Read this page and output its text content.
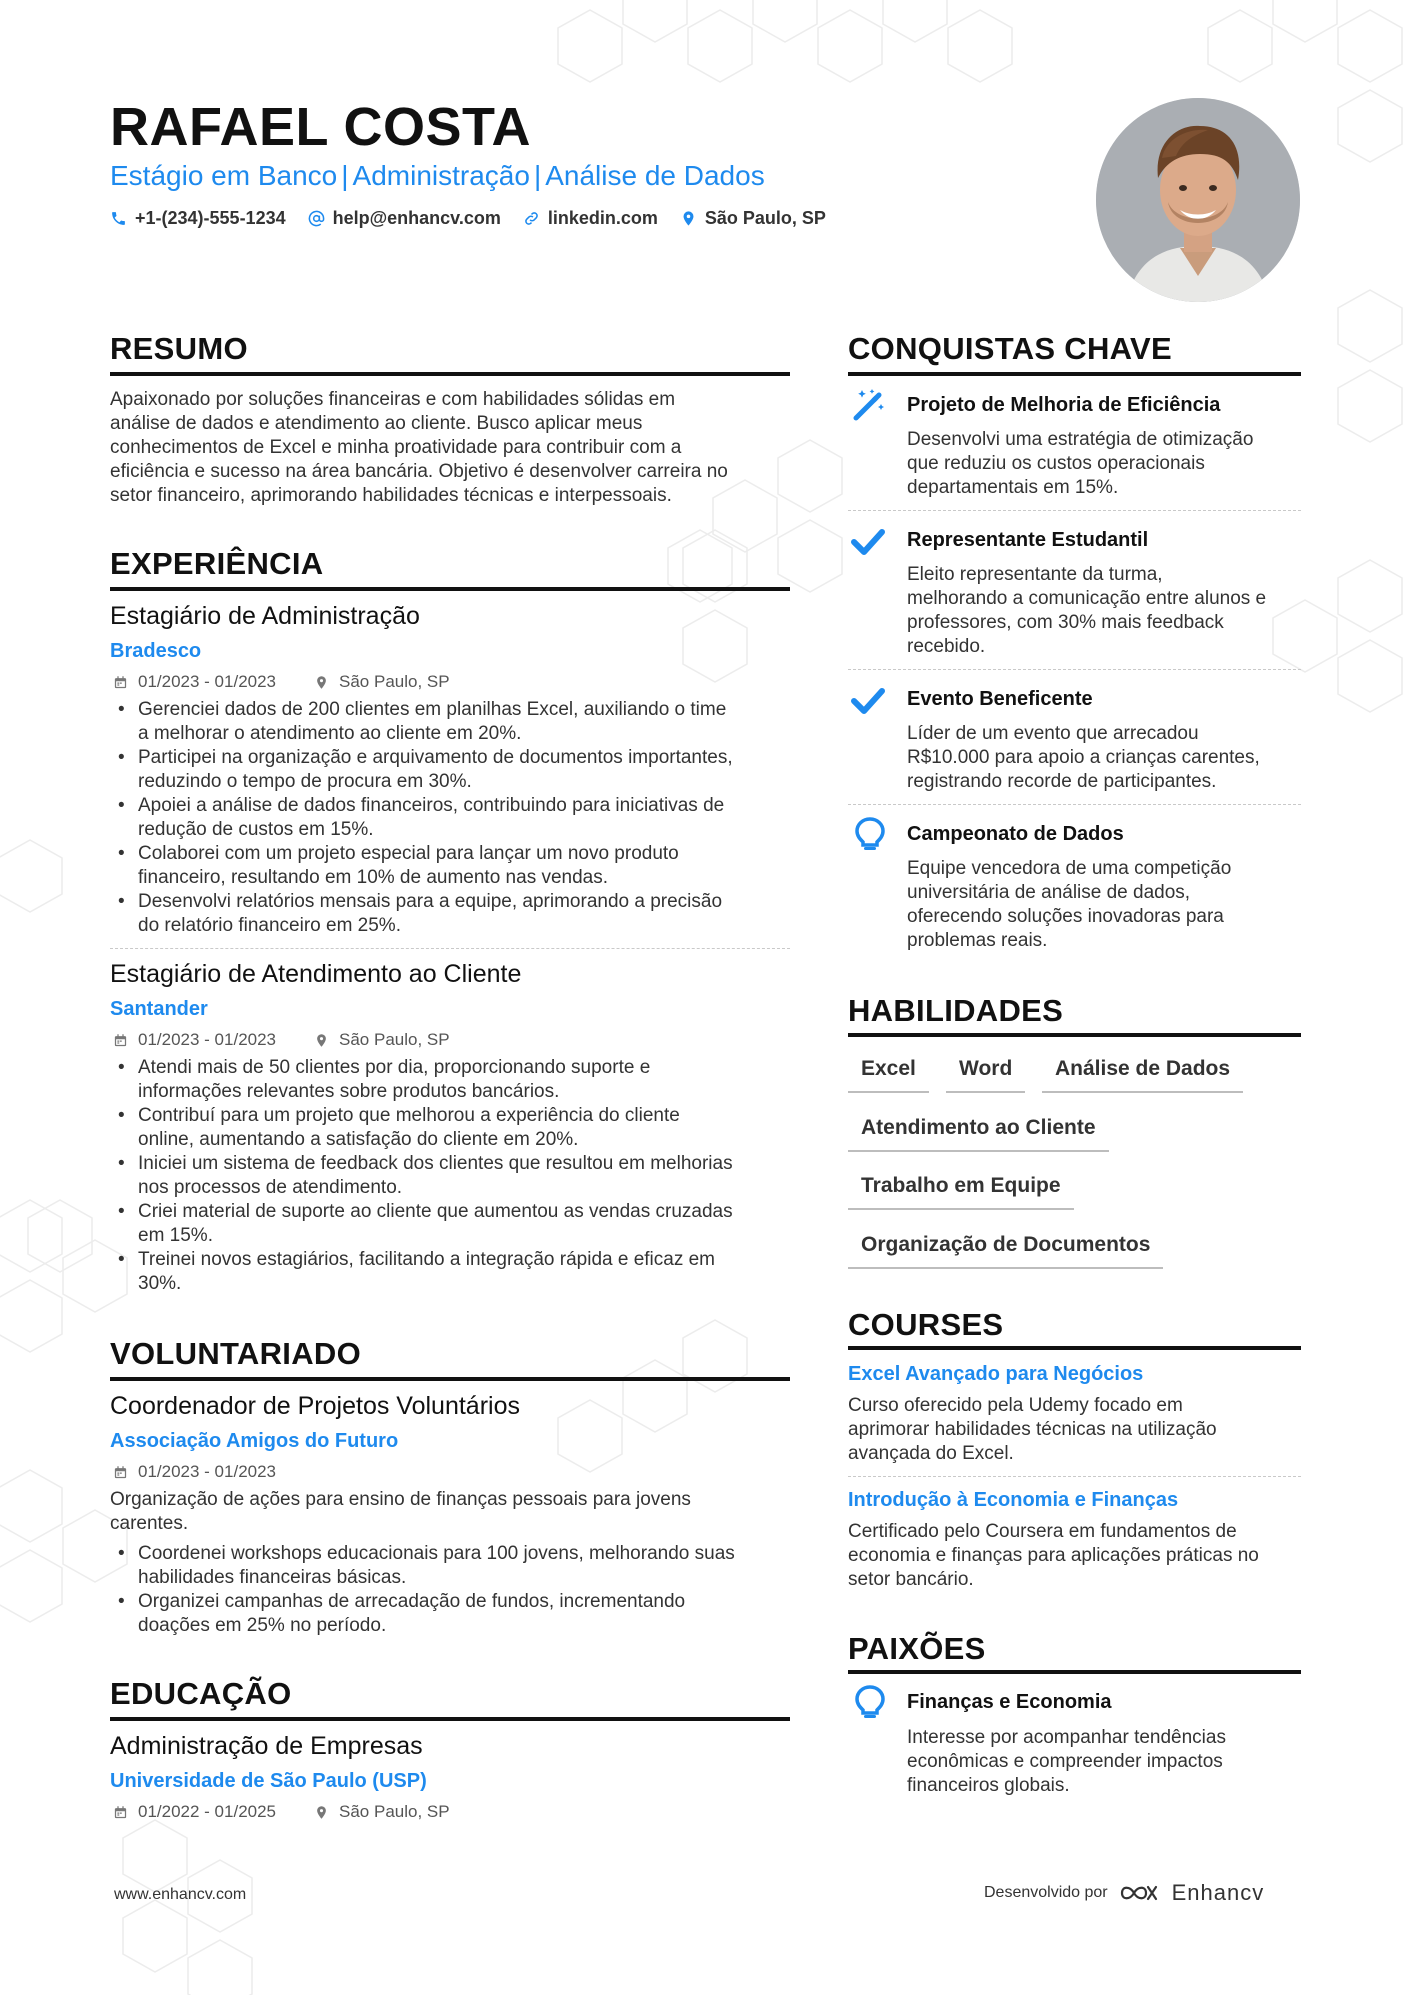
RAFAEL COSTA
Estágio em Banco | Administração | Análise de Dados
+1-(234)-555-1234	help@enhancv.com	linkedin.com	São Paulo, SP
RESUMO
Apaixonado por soluções financeiras e com habilidades sólidas em
análise de dados e atendimento ao cliente. Busco aplicar meus
conhecimentos de Excel e minha proatividade para contribuir com a
eficiência e sucesso na área bancária. Objetivo é desenvolver carreira no
setor financeiro, aprimorando habilidades técnicas e interpessoais.
EXPERIÊNCIA
Estagiário de Administração
Bradesco
01/2023 - 01/2023	São Paulo, SP
• Gerenciei dados de 200 clientes em planilhas Excel, auxiliando o time
a melhorar o atendimento ao cliente em 20%.
• Participei na organização e arquivamento de documentos importantes,
reduzindo o tempo de procura em 30%.
• Apoiei a análise de dados financeiros, contribuindo para iniciativas de
redução de custos em 15%.
• Colaborei com um projeto especial para lançar um novo produto
financeiro, resultando em 10% de aumento nas vendas.
• Desenvolvi relatórios mensais para a equipe, aprimorando a precisão
do relatório financeiro em 25%.
Estagiário de Atendimento ao Cliente
Santander
01/2023 - 01/2023	São Paulo, SP
• Atendi mais de 50 clientes por dia, proporcionando suporte e
informações relevantes sobre produtos bancários.
• Contribuí para um projeto que melhorou a experiência do cliente
online, aumentando a satisfação do cliente em 20%.
• Iniciei um sistema de feedback dos clientes que resultou em melhorias
nos processos de atendimento.
• Criei material de suporte ao cliente que aumentou as vendas cruzadas
em 15%.
• Treinei novos estagiários, facilitando a integração rápida e eficaz em
30%.
VOLUNTARIADO
Coordenador de Projetos Voluntários
Associação Amigos do Futuro
01/2023 - 01/2023
Organização de ações para ensino de finanças pessoais para jovens
carentes.
• Coordenei workshops educacionais para 100 jovens, melhorando suas
habilidades financeiras básicas.
• Organizei campanhas de arrecadação de fundos, incrementando
doações em 25% no período.
EDUCAÇÃO
Administração de Empresas
Universidade de São Paulo (USP)
01/2022 - 01/2025	São Paulo, SP
CONQUISTAS CHAVE
Projeto de Melhoria de Eficiência
Desenvolvi uma estratégia de otimização
que reduziu os custos operacionais
departamentais em 15%.
Representante Estudantil
Eleito representante da turma,
melhorando a comunicação entre alunos e
professores, com 30% mais feedback
recebido.
Evento Beneficente
Líder de um evento que arrecadou
R$10.000 para apoio a crianças carentes,
registrando recorde de participantes.
Campeonato de Dados
Equipe vencedora de uma competição
universitária de análise de dados,
oferecendo soluções inovadoras para
problemas reais.
HABILIDADES
Excel	Word	Análise de Dados
Atendimento ao Cliente
Trabalho em Equipe
Organização de Documentos
COURSES
Excel Avançado para Negócios
Curso oferecido pela Udemy focado em
aprimorar habilidades técnicas na utilização
avançada do Excel.
Introdução à Economia e Finanças
Certificado pelo Coursera em fundamentos de
economia e finanças para aplicações práticas no
setor bancário.
PAIXÕES
Finanças e Economia
Interesse por acompanhar tendências
econômicas e compreender impactos
financeiros globais.
www.enhancv.com	Desenvolvido por	Enhancv
